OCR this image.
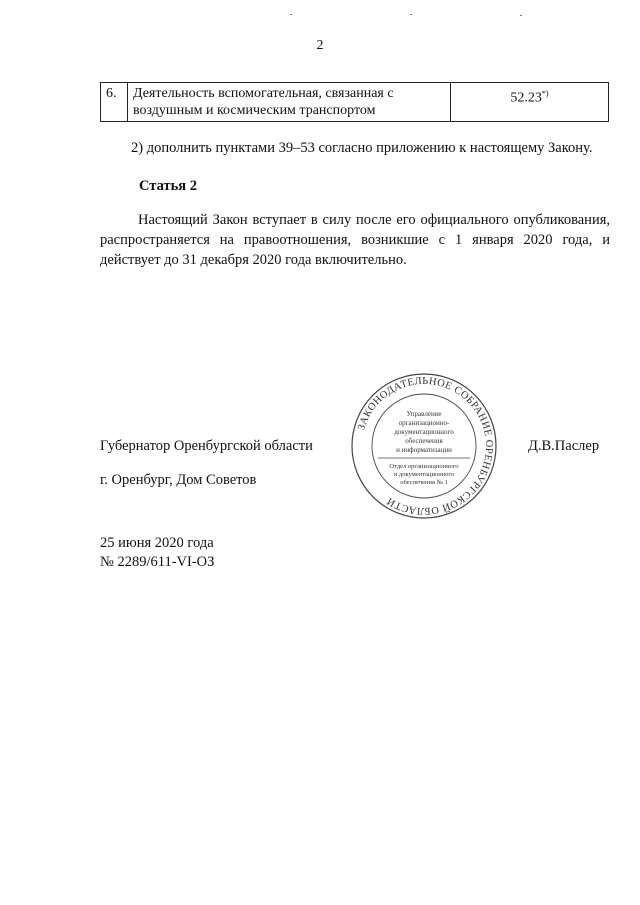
2
6.	Деятельность вспомогательная, связанная с воздушным и космическим транспортом	52.23*)
2) дополнить пунктами 39–53 согласно приложению к настоящему Закону.
Статья 2
Настоящий Закон вступает в силу после его официального опубликования, распространяется на правоотношения, возникшие с 1 января 2020 года, и действует до 31 декабря 2020 года включительно.
Губернатор Оренбургской области	Д.В.Паслер
г. Оренбург, Дом Советов
25 июня 2020 года
№ 2289/611-VI-ОЗ
ЗАКОНОДАТЕЛЬНОЕ СОБРАНИЕ ОРЕНБУРГСКОЙ ОБЛАСТИ
Управление
организационно-
документационного
обеспечения
и информатизации
Отдел организационного
и документационного
обеспечения № 1
